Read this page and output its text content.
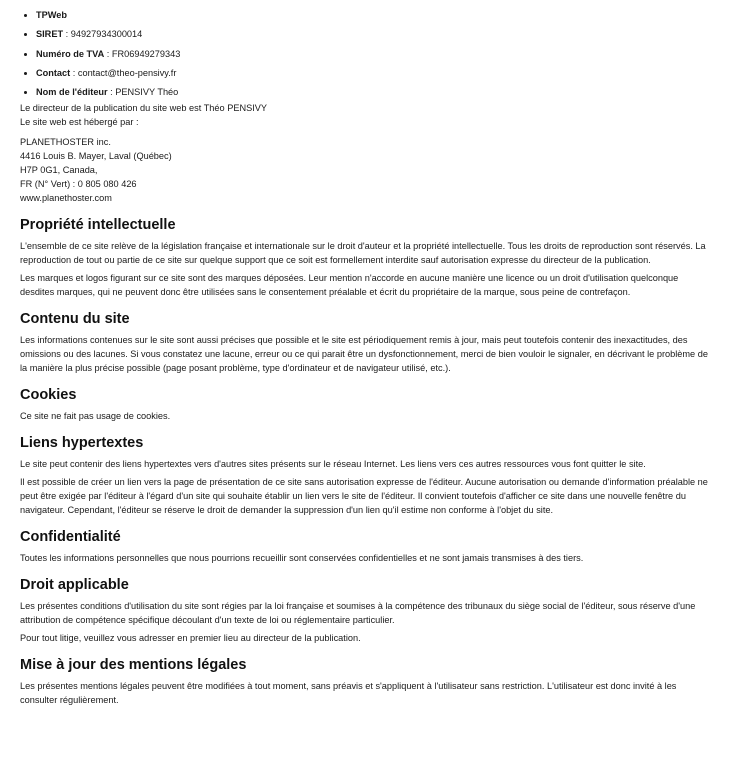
• TPWeb
• SIRET : 94927934300014
• Numéro de TVA : FR06949279343
• Contact : contact@theo-pensivy.fr
• Nom de l'éditeur : PENSIVY Théo

Le directeur de la publication du site web est Théo PENSIVY

Le site web est hébergé par :

PLANETHOSTER inc.

4416 Louis B. Mayer, Laval (Québec)

H7P 0G1, Canada,

FR (N° Vert) : 0 805 080 426

www.planethoster.com

Propriété intellectuelle

L'ensemble de ce site relève de la législation française et internationale sur le droit d'auteur et la propriété intellectuelle. Tous les droits de reproduction sont réservés. La reproduction de tout ou partie de ce site sur quelque support que ce soit est formellement interdite sauf autorisation expresse du directeur de la publication.

Les marques et logos figurant sur ce site sont des marques déposées. Leur mention n'accorde en aucune manière une licence ou un droit d'utilisation quelconque desdites marques, qui ne peuvent donc être utilisées sans le consentement préalable et écrit du propriétaire de la marque, sous peine de contrefaçon.

Contenu du site

Les informations contenues sur le site sont aussi précises que possible et le site est périodiquement remis à jour, mais peut toutefois contenir des inexactitudes, des omissions ou des lacunes. Si vous constatez une lacune, erreur ou ce qui parait être un dysfonctionnement, merci de bien vouloir le signaler, en décrivant le problème de la manière la plus précise possible (page posant problème, type d'ordinateur et de navigateur utilisé, etc.).

Cookies

Ce site ne fait pas usage de cookies.

Liens hypertextes

Le site peut contenir des liens hypertextes vers d'autres sites présents sur le réseau Internet. Les liens vers ces autres ressources vous font quitter le site.

Il est possible de créer un lien vers la page de présentation de ce site sans autorisation expresse de l'éditeur. Aucune autorisation ou demande d'information préalable ne peut être exigée par l'éditeur à l'égard d'un site qui souhaite établir un lien vers le site de l'éditeur. Il convient toutefois d'afficher ce site dans une nouvelle fenêtre du navigateur. Cependant, l'éditeur se réserve le droit de demander la suppression d'un lien qu'il estime non conforme à l'objet du site.

Confidentialité

Toutes les informations personnelles que nous pourrions recueillir sont conservées confidentielles et ne sont jamais transmises à des tiers.

Droit applicable

Les présentes conditions d'utilisation du site sont régies par la loi française et soumises à la compétence des tribunaux du siège social de l'éditeur, sous réserve d'une attribution de compétence spécifique découlant d'un texte de loi ou réglementaire particulier.

Pour tout litige, veuillez vous adresser en premier lieu au directeur de la publication.

Mise à jour des mentions légales

Les présentes mentions légales peuvent être modifiées à tout moment, sans préavis et s'appliquent à l'utilisateur sans restriction. L'utilisateur est donc invité à les consulter régulièrement.
